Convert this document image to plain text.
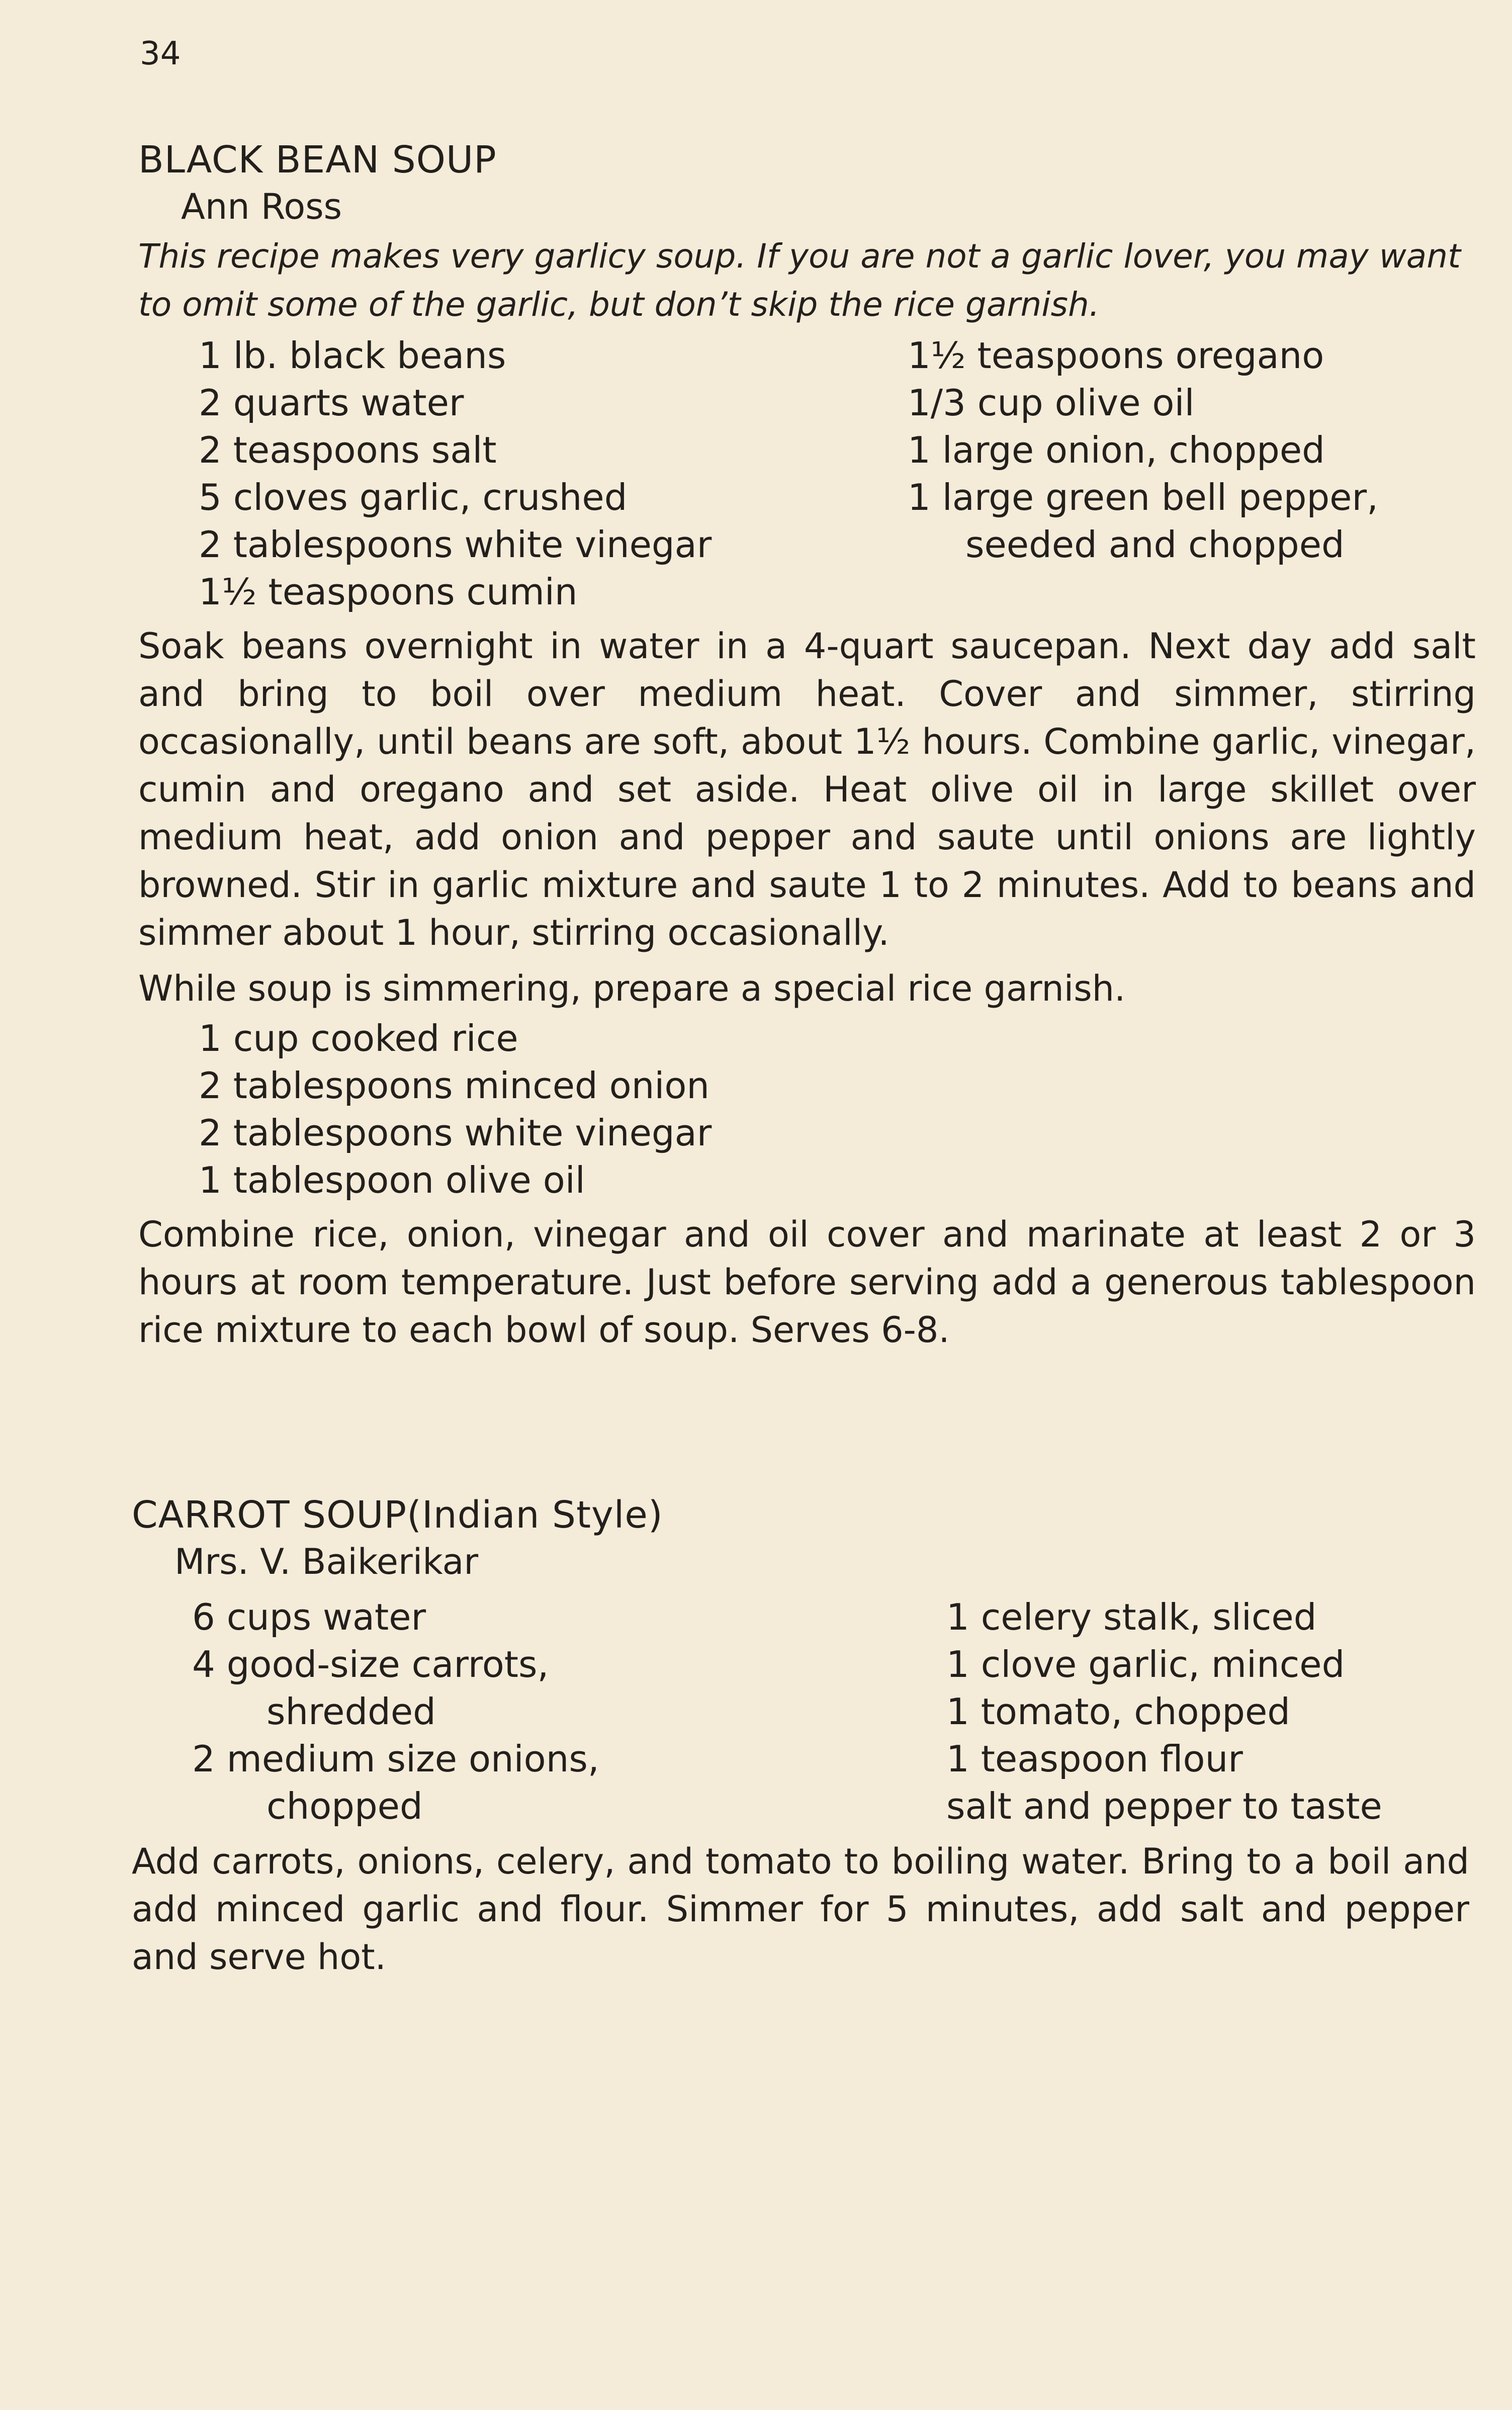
34
BLACK BEAN SOUP
Ann Ross
This recipe makes very garlicy soup. If you are not a garlic lover, you may want to omit some of the garlic, but don’t skip the rice garnish.
1 lb. black beans
2 quarts water
2 teaspoons salt
5 cloves garlic, crushed
2 tablespoons white vinegar
1½ teaspoons cumin
1½ teaspoons oregano
1/3 cup olive oil
1 large onion, chopped
1 large green bell pepper,
seeded and chopped
Soak beans overnight in water in a 4-quart saucepan. Next day add salt and bring to boil over medium heat. Cover and simmer, stirring occasionally, until beans are soft, about 1½ hours. Combine garlic, vinegar, cumin and oregano and set aside. Heat olive oil in large skillet over medium heat, add onion and pepper and saute until onions are lightly browned. Stir in garlic mixture and saute 1 to 2 minutes. Add to beans and simmer about 1 hour, stirring occasionally.
While soup is simmering, prepare a special rice garnish.
1 cup cooked rice
2 tablespoons minced onion
2 tablespoons white vinegar
1 tablespoon olive oil
Combine rice, onion, vinegar and oil cover and marinate at least 2 or 3 hours at room temperature. Just before serving add a generous tablespoon rice mixture to each bowl of soup. Serves 6-8.
CARROT SOUP(Indian Style)
Mrs. V. Baikerikar
6 cups water
4 good-size carrots,
shredded
2 medium size onions,
chopped
1 celery stalk, sliced
1 clove garlic, minced
1 tomato, chopped
1 teaspoon flour
salt and pepper to taste
Add carrots, onions, celery, and tomato to boiling water. Bring to a boil and add minced garlic and flour. Simmer for 5 minutes, add salt and pepper and serve hot.
